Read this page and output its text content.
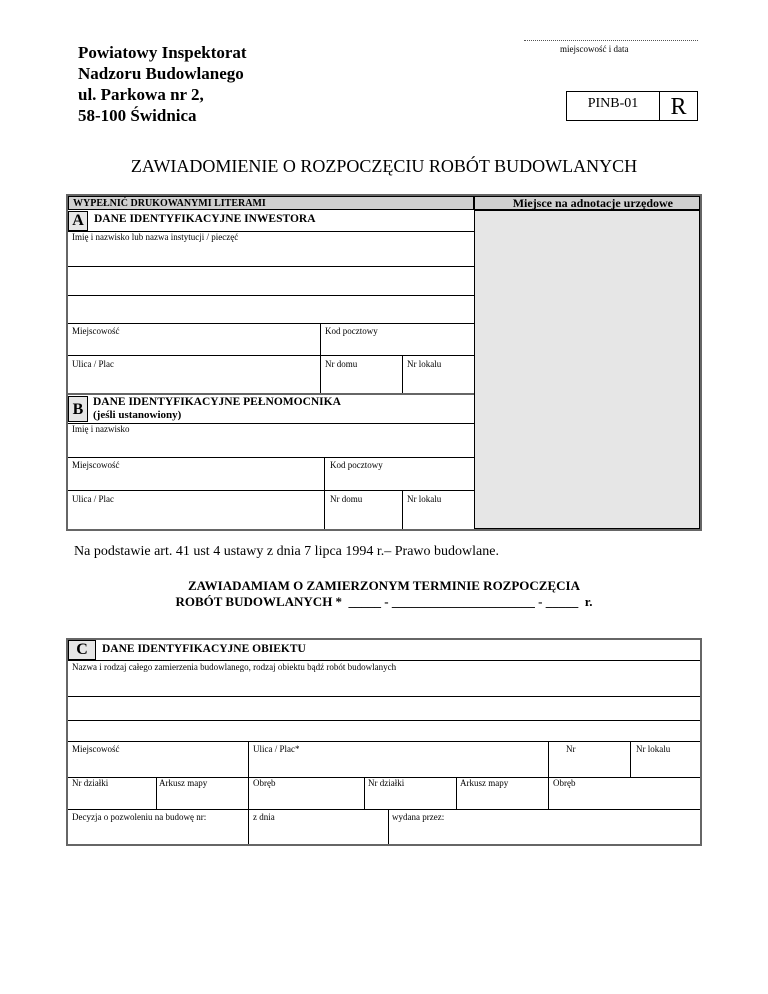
Powiatowy Inspektorat
Nadzoru Budowlanego
ul. Parkowa nr 2,
58-100 Świdnica
miejscowość i data
PINB-01	R
ZAWIADOMIENIE O ROZPOCZĘCIU ROBÓT BUDOWLANYCH
WYPEŁNIĆ DRUKOWANYMI LITERAMI	Miejsce na adnotacje urzędowe
A DANE IDENTYFIKACYJNE INWESTORA
Imię i nazwisko lub nazwa instytucji / pieczęć
Miejscowość	Kod pocztowy
Ulica / Plac	Nr domu	Nr lokalu
B DANE IDENTYFIKACYJNE PEŁNOMOCNIKA
(jeśli ustanowiony)
Imię i nazwisko
Miejscowość	Kod pocztowy
Ulica / Plac	Nr domu	Nr lokalu
Na podstawie art. 41 ust 4 ustawy z dnia 7 lipca 1994 r.– Prawo budowlane.
ZAWIADAMIAM O ZAMIERZONYM TERMINIE ROZPOCZĘCIA
ROBÓT BUDOWLANYCH *  _____ - ______________________ - _____  r.
C	DANE IDENTYFIKACYJNE OBIEKTU
Nazwa i rodzaj całego zamierzenia budowlanego, rodzaj obiektu bądź robót budowlanych
Miejscowość	Ulica / Plac*	Nr	Nr lokalu
Nr działki	Arkusz mapy	Obręb	Nr działki	Arkusz mapy	Obręb
Decyzja o pozwoleniu na budowę nr:	z dnia	wydana przez:
